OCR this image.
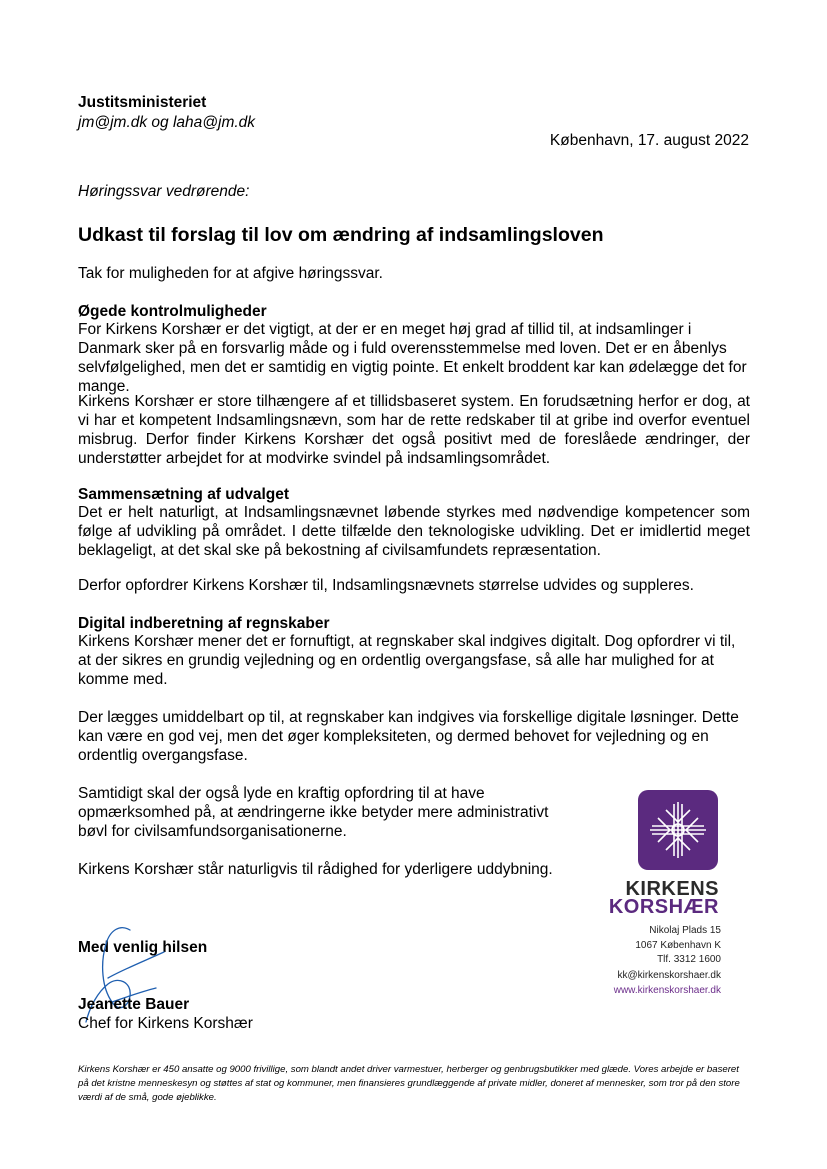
Justitsministeriet
jm@jm.dk og laha@jm.dk
København, 17. august 2022
Høringssvar vedrørende:
Udkast til forslag til lov om ændring af indsamlingsloven
Tak for muligheden for at afgive høringssvar.
Øgede kontrolmuligheder
For Kirkens Korshær er det vigtigt, at der er en meget høj grad af tillid til, at indsamlinger i Danmark sker på en forsvarlig måde og i fuld overensstemmelse med loven. Det er en åbenlys selvfølgelighed, men det er samtidig en vigtig pointe. Et enkelt broddent kar kan ødelægge det for mange.
Kirkens Korshær er store tilhængere af et tillidsbaseret system. En forudsætning herfor er dog, at vi har et kompetent Indsamlingsnævn, som har de rette redskaber til at gribe ind overfor eventuel misbrug. Derfor finder Kirkens Korshær det også positivt med de foreslåede ændringer, der understøtter arbejdet for at modvirke svindel på indsamlingsområdet.
Sammensætning af udvalget
Det er helt naturligt, at Indsamlingsnævnet løbende styrkes med nødvendige kompetencer som følge af udvikling på området. I dette tilfælde den teknologiske udvikling. Det er imidlertid meget beklageligt, at det skal ske på bekostning af civilsamfundets repræsentation.
Derfor opfordrer Kirkens Korshær til, Indsamlingsnævnets størrelse udvides og suppleres.
Digital indberetning af regnskaber
Kirkens Korshær mener det er fornuftigt, at regnskaber skal indgives digitalt. Dog opfordrer vi til, at der sikres en grundig vejledning og en ordentlig overgangsfase, så alle har mulighed for at komme med.
Der lægges umiddelbart op til, at regnskaber kan indgives via forskellige digitale løsninger. Dette kan være en god vej, men det øger kompleksiteten, og dermed behovet for vejledning og en ordentlig overgangsfase.
Samtidigt skal der også lyde en kraftig opfordring til at have opmærksomhed på, at ændringerne ikke betyder mere administrativt bøvl for civilsamfundsorganisationerne.
Kirkens Korshær står naturligvis til rådighed for yderligere uddybning.
Med venlig hilsen
Jeanette Bauer
Chef for Kirkens Korshær
KIRKENS
KORSHÆR
Nikolaj Plads 15
1067 København K
Tlf. 3312 1600
kk@kirkenskorshaer.dk
www.kirkenskorshaer.dk
Kirkens Korshær er 450 ansatte og 9000 frivillige, som blandt andet driver varmestuer, herberger og genbrugsbutikker med glæde. Vores arbejde er baseret på det kristne menneskesyn og støttes af stat og kommuner, men finansieres grundlæggende af private midler, doneret af mennesker, som tror på den store værdi af de små, gode øjeblikke.
